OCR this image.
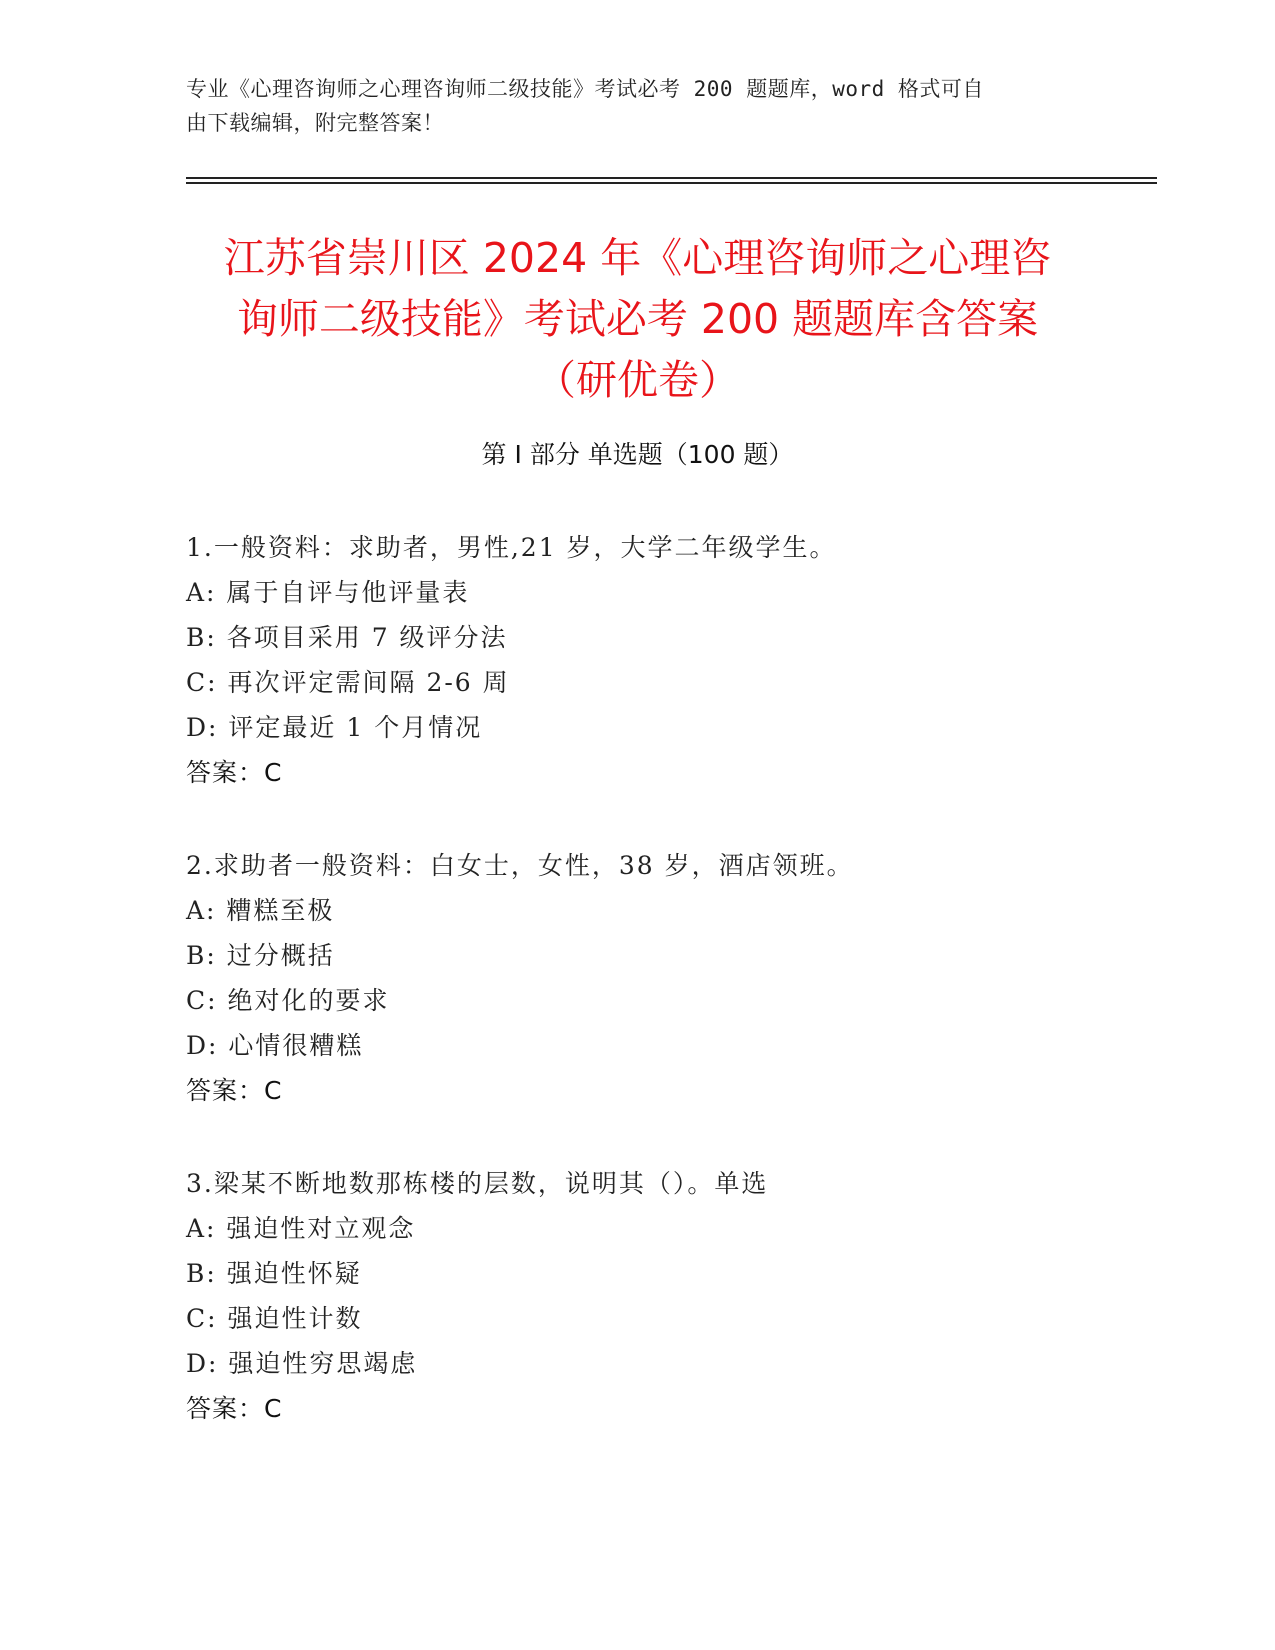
专业《心理咨询师之心理咨询师二级技能》考试必考 200 题题库，word 格式可自
由下载编辑，附完整答案！
江苏省崇川区 2024 年《心理咨询师之心理咨
询师二级技能》考试必考 200 题题库含答案
（研优卷）
第 I 部分 单选题（100 题）
1.一般资料：求助者，男性,21 岁，大学二年级学生。
A: 属于自评与他评量表
B: 各项目采用 7 级评分法
C: 再次评定需间隔 2-6 周
D: 评定最近 1 个月情况
答案：C
2.求助者一般资料：白女士，女性，38 岁，酒店领班。
A: 糟糕至极
B: 过分概括
C: 绝对化的要求
D: 心情很糟糕
答案：C
3.梁某不断地数那栋楼的层数，说明其（）。单选
A: 强迫性对立观念
B: 强迫性怀疑
C: 强迫性计数
D: 强迫性穷思竭虑
答案：C
